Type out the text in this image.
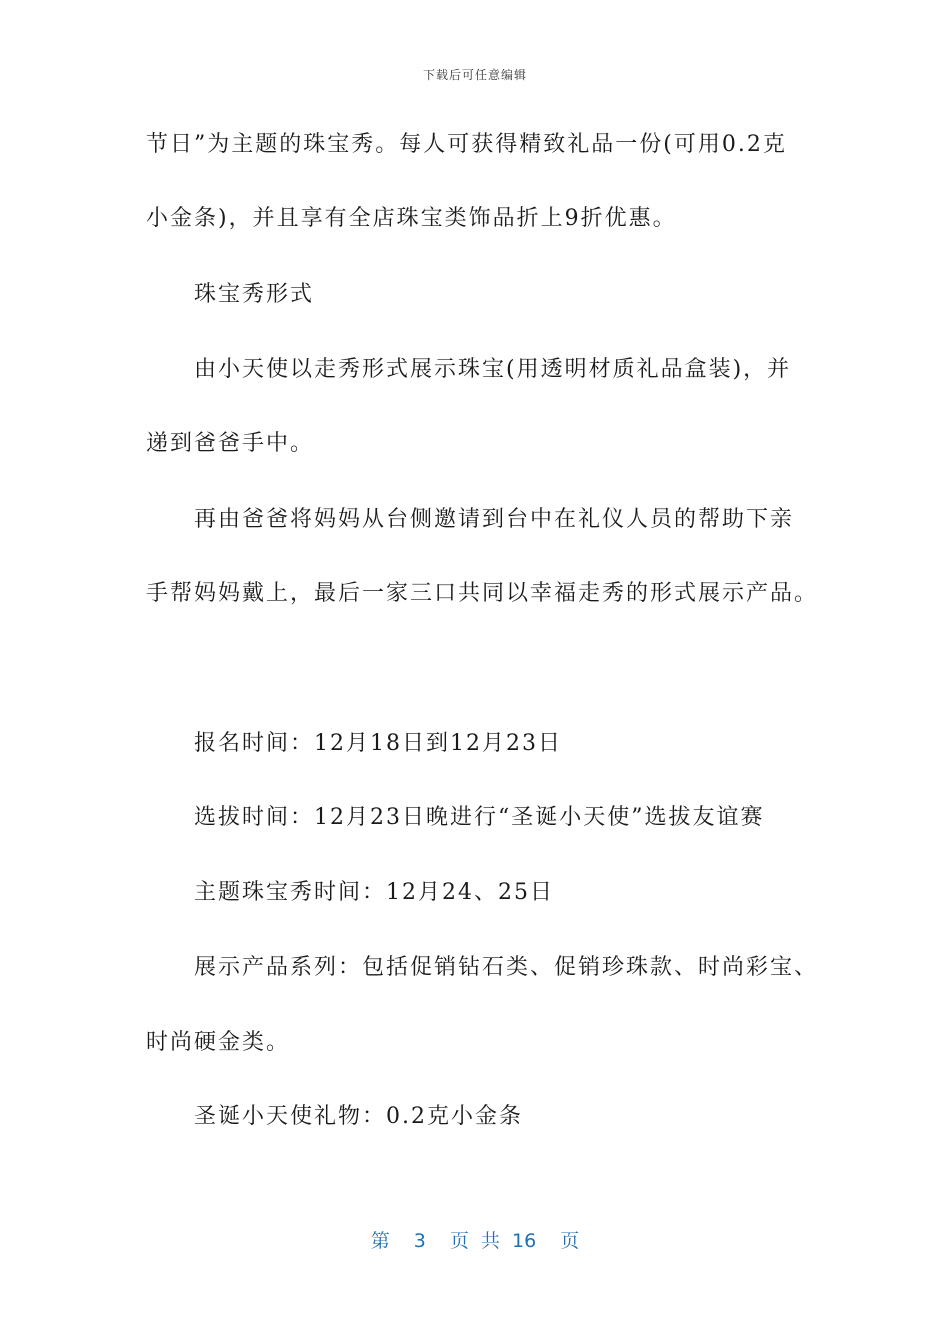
下载后可任意编辑
节日”为主题的珠宝秀。每人可获得精致礼品一份(可用0.2克
小金条)，并且享有全店珠宝类饰品折上9折优惠。
珠宝秀形式
由小天使以走秀形式展示珠宝(用透明材质礼品盒装)，并
递到爸爸手中。
再由爸爸将妈妈从台侧邀请到台中在礼仪人员的帮助下亲
手帮妈妈戴上，最后一家三口共同以幸福走秀的形式展示产品。
报名时间：12月18日到12月23日
选拔时间：12月23日晚进行“圣诞小天使”选拔友谊赛
主题珠宝秀时间：12月24、25日
展示产品系列：包括促销钻石类、促销珍珠款、时尚彩宝、
时尚硬金类。
圣诞小天使礼物：0.2克小金条
第  3  页 共 16  页
